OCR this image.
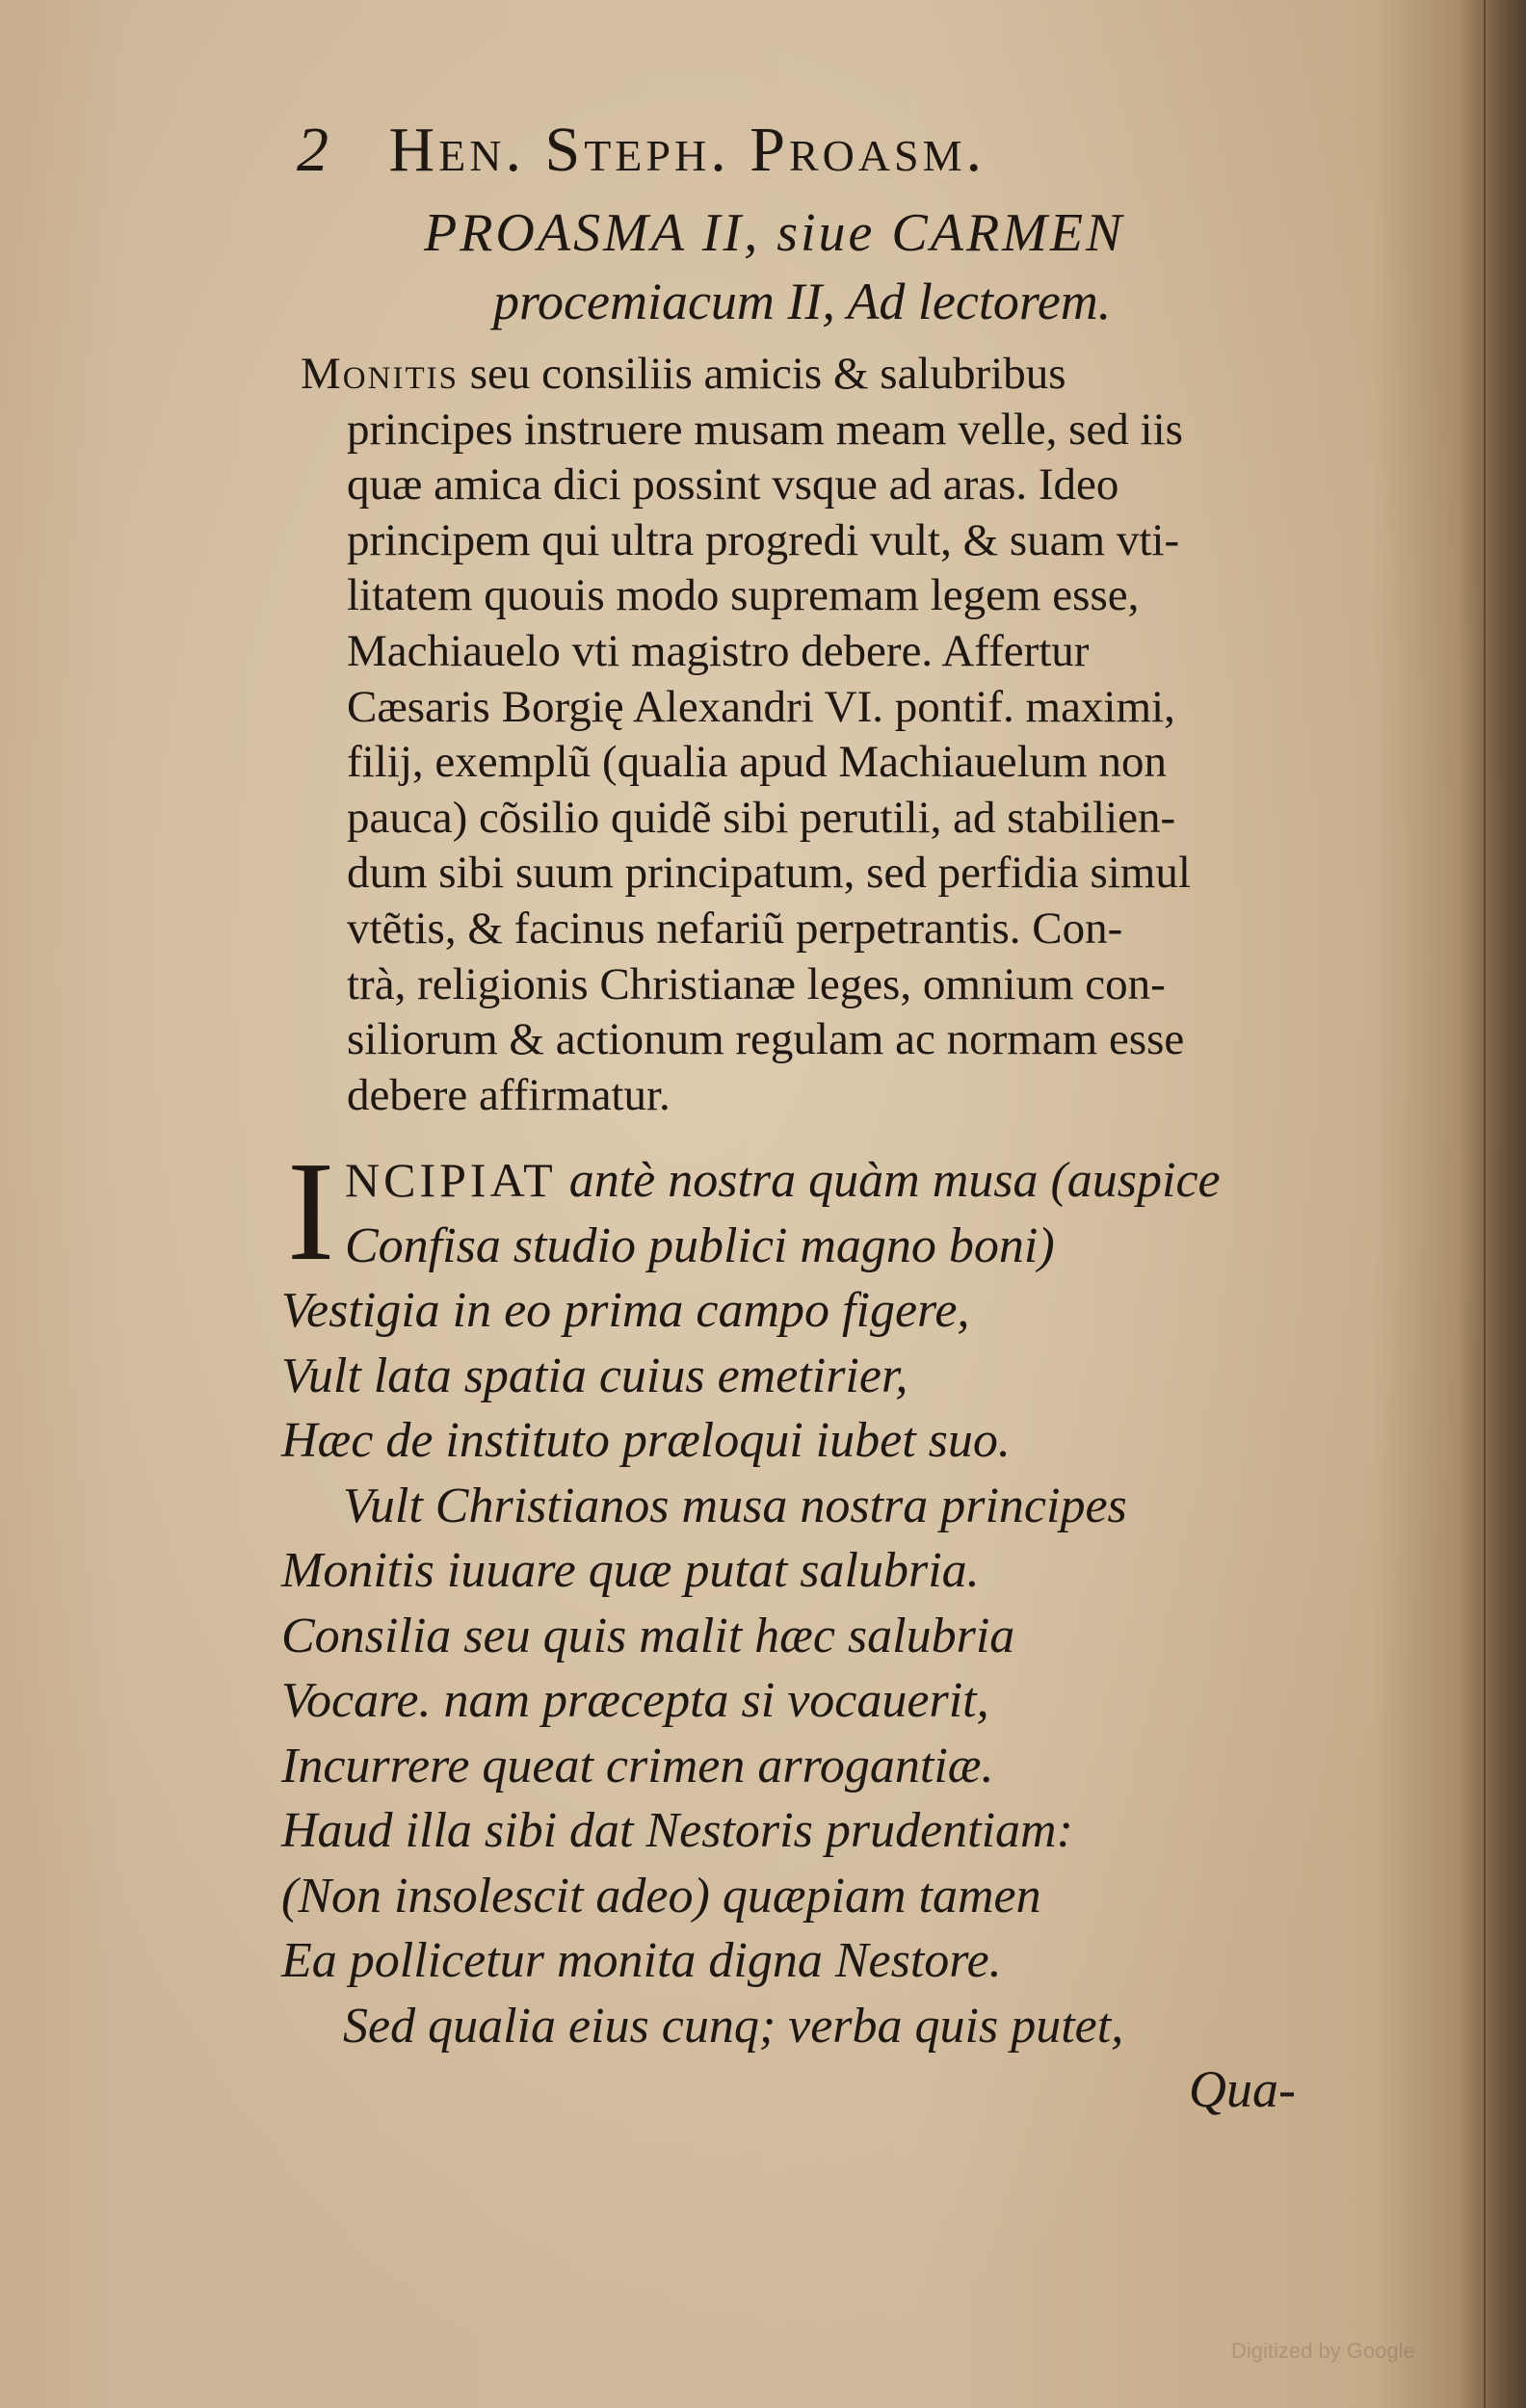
2 Hen. Steph. Proasm.
PROASMA II, siue CARMEN
procemiacum II, Ad lectorem.
Monitis seu consiliis amicis & salubribus
principes instruere musam meam velle, sed iis
quæ amica dici possint vsque ad aras. Ideo
principem qui ultra progredi vult, & suam vti-
litatem quouis modo supremam legem esse,
Machiauelo vti magistro debere. Affertur
Cæsaris Borgię Alexandri VI. pontif. maximi,
filij, exemplũ (qualia apud Machiauelum non
pauca) cõsilio quidẽ sibi perutili, ad stabilien-
dum sibi suum principatum, sed perfidia simul
vtẽtis, & facinus nefariũ perpetrantis. Con-
trà, religionis Christianæ leges, omnium con-
siliorum & actionum regulam ac normam esse
debere affirmatur.
I NCIPIAT antè nostra quàm musa (auspice
Confisa studio publici magno boni)
Vestigia in eo prima campo figere,
Vult lata spatia cuius emetirier,
Hæc de instituto præloqui iubet suo.
Vult Christianos musa nostra principes
Monitis iuuare quæ putat salubria.
Consilia seu quis malit hæc salubria
Vocare. nam præcepta si vocauerit,
Incurrere queat crimen arrogantiæ.
Haud illa sibi dat Nestoris prudentiam:
(Non insolescit adeo) quæpiam tamen
Ea pollicetur monita digna Nestore.
Sed qualia eius cunq; verba quis putet,
Qua-
Digitized by Google
